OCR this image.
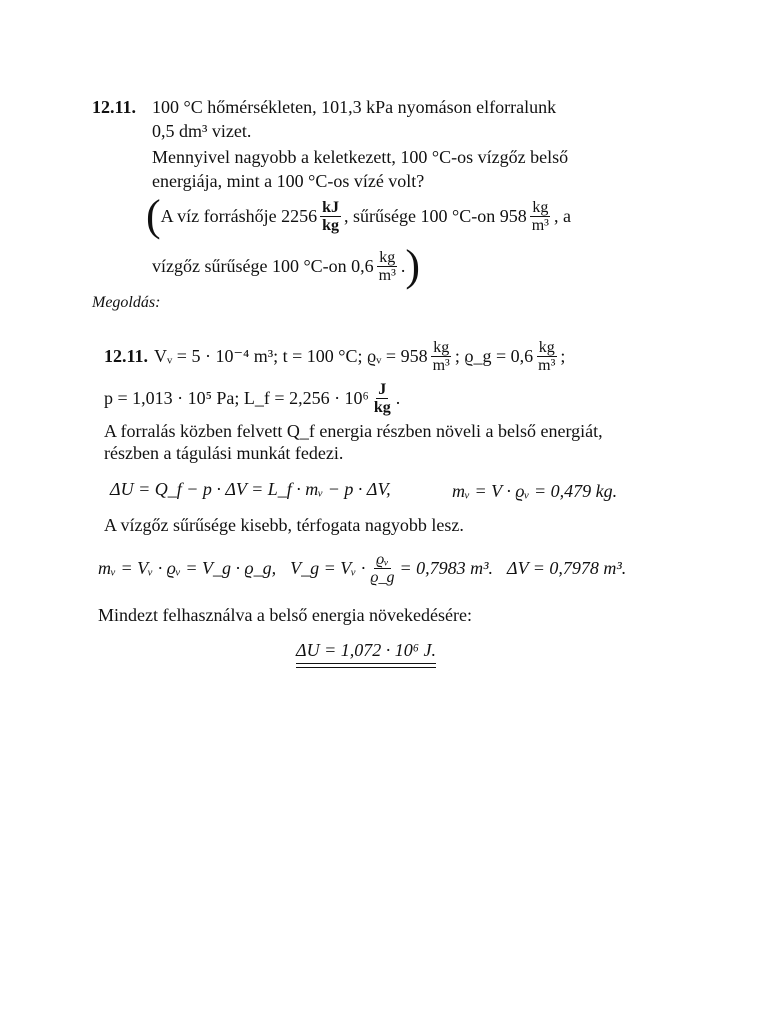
12.11. 100 °C hőmérsékleten, 101,3 kPa nyomáson elforralunk
0,5 dm³ vizet.
Mennyivel nagyobb a keletkezett, 100 °C-os vízgőz belső
energiája, mint a 100 °C-os vízé volt?
( A víz forráshője $2256 \frac{kJ}{kg}$ , sűrűsége 100 °C-on $958 \frac{kg}{\text{m³}}$ , a
vízgőz sűrűsége 100 °C-on $0,6 \frac{kg}{\text{m³}}$ . )
Megoldás:
12.11. Vᵥ = 5 · 10⁻⁴ m³; t = 100 °C; ϱᵥ = $958 \frac{kg}{\text{m³}}$ ; ϱ_g = $0,6 \frac{kg}{\text{m³}}$ ;
p = 1,013 · 10⁵ Pa; L_f = $2,256 \cdot 10^6 \frac{J}{kg}$ .
A forralás közben felvett Q_f energia részben növeli a belső energiát,
részben a tágulási munkát fedezi.
ΔU = Q_f − p · ΔV = L_f · mᵥ − p · ΔV,	mᵥ = V · ϱᵥ = 0,479 kg.
A vízgőz sűrűsége kisebb, térfogata nagyobb lesz.
mᵥ = Vᵥ · ϱᵥ = V_g · ϱ_g, V_g = Vᵥ · $\frac{\text{ϱᵥ}}{ϱ\_g} = 0,7983$ m³. ΔV = 0,7978 m³.
Mindezt felhasználva a belső energia növekedésére:
ΔU = 1,072 · 10⁶ J.
